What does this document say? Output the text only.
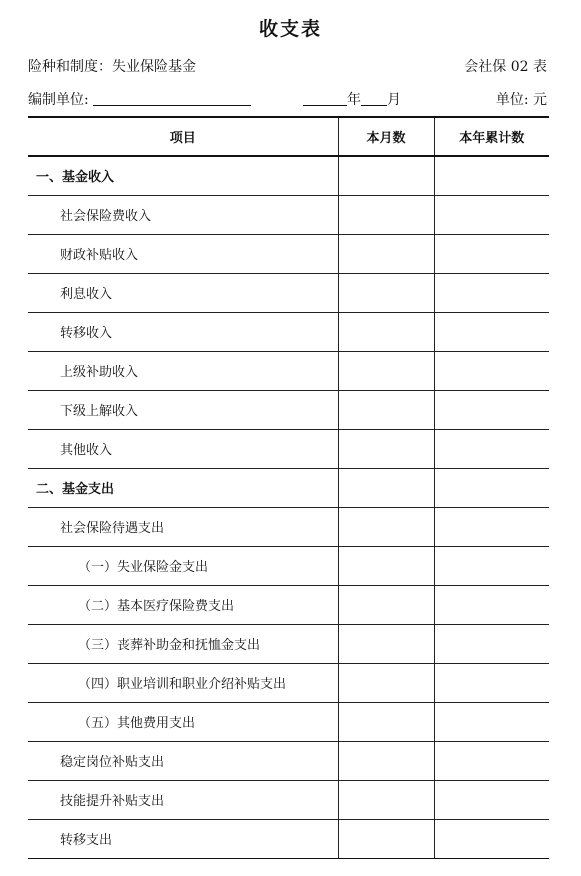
收支表
险种和制度：失业保险基金	会社保 02 表
编制单位:	年 月	单位: 元
项目	本月数	本年累计数
一、基金收入		
社会保险费收入		
财政补贴收入		
利息收入		
转移收入		
上级补助收入		
下级上解收入		
其他收入		
二、基金支出		
社会保险待遇支出		
（一）失业保险金支出		
（二）基本医疗保险费支出		
（三）丧葬补助金和抚恤金支出		
（四）职业培训和职业介绍补贴支出		
（五）其他费用支出		
稳定岗位补贴支出		
技能提升补贴支出		
转移支出		
